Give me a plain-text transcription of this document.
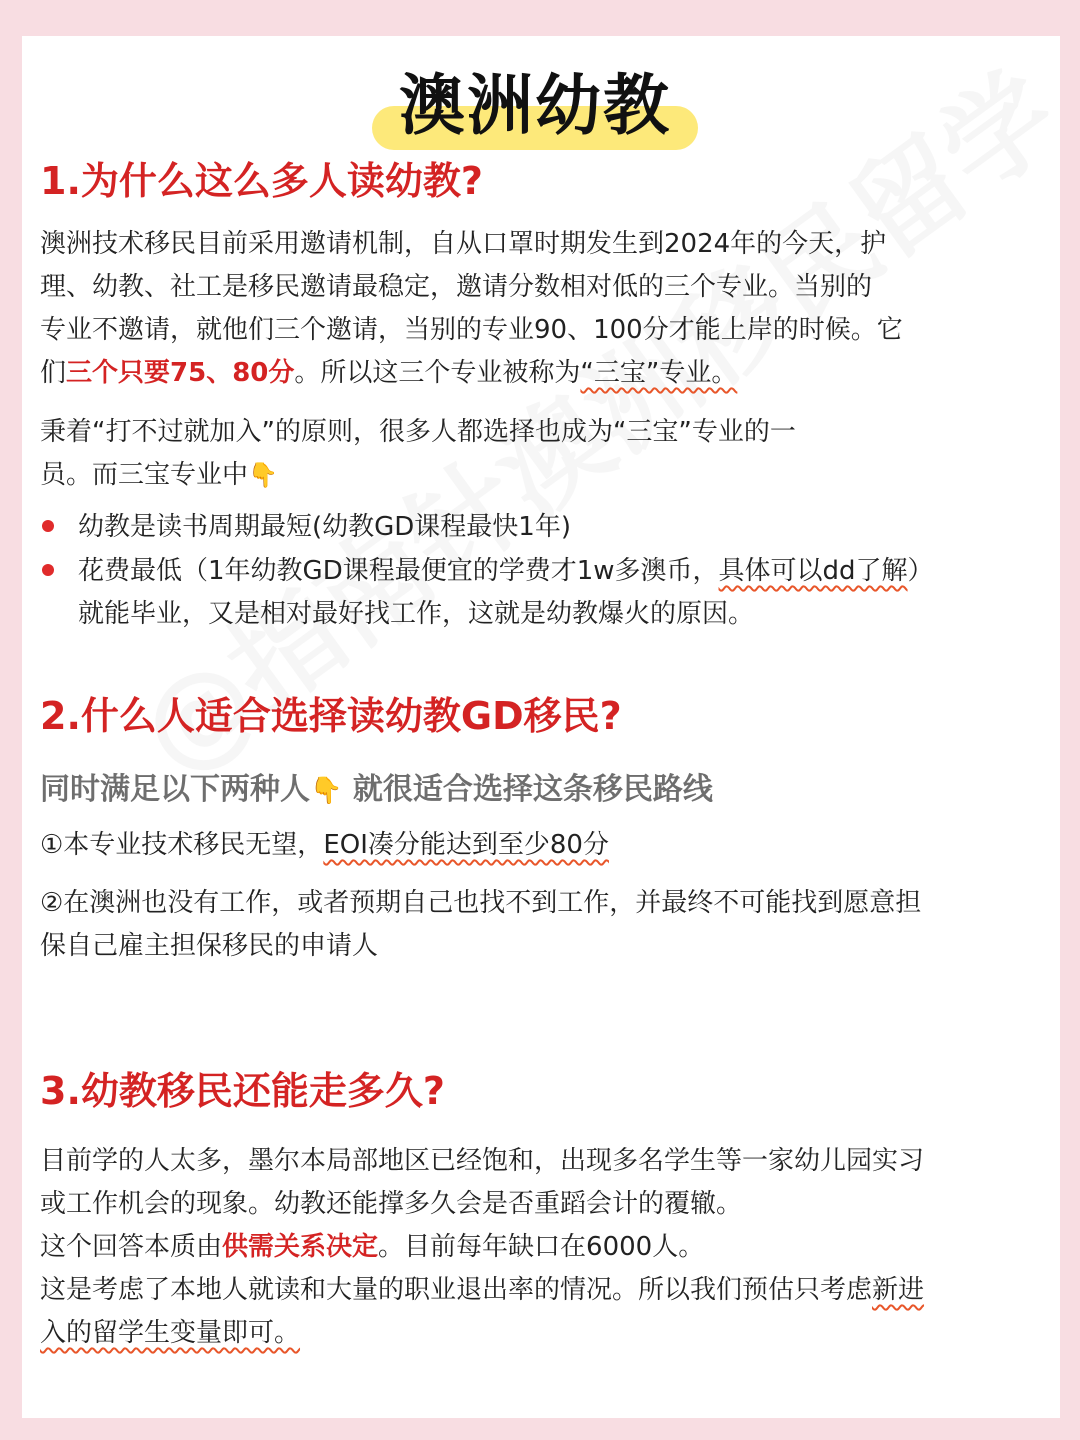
澳洲幼教
1.为什么这么多人读幼教?
澳洲技术移民目前采用邀请机制，自从口罩时期发生到2024年的今天，护
理、幼教、社工是移民邀请最稳定，邀请分数相对低的三个专业。当别的
专业不邀请，就他们三个邀请，当别的专业90、100分才能上岸的时候。它
们三个只要75、80分。所以这三个专业被称为“三宝”专业。
秉着“打不过就加入”的原则，很多人都选择也成为“三宝”专业的一
员。而三宝专业中👇
幼教是读书周期最短(幼教GD课程最快1年)
花费最低（1年幼教GD课程最便宜的学费才1w多澳币，具体可以dd了解）
就能毕业，又是相对最好找工作，这就是幼教爆火的原因。
2.什么人适合选择读幼教GD移民?
同时满足以下两种人👇 就很适合选择这条移民路线
①本专业技术移民无望，EOI凑分能达到至少80分
②在澳洲也没有工作，或者预期自己也找不到工作，并最终不可能找到愿意担
保自己雇主担保移民的申请人
3.幼教移民还能走多久?
目前学的人太多，墨尔本局部地区已经饱和，出现多名学生等一家幼儿园实习
或工作机会的现象。幼教还能撑多久会是否重蹈会计的覆辙。
这个回答本质由供需关系决定。目前每年缺口在6000人。
这是考虑了本地人就读和大量的职业退出率的情况。所以我们预估只考虑新进
入的留学生变量即可。
